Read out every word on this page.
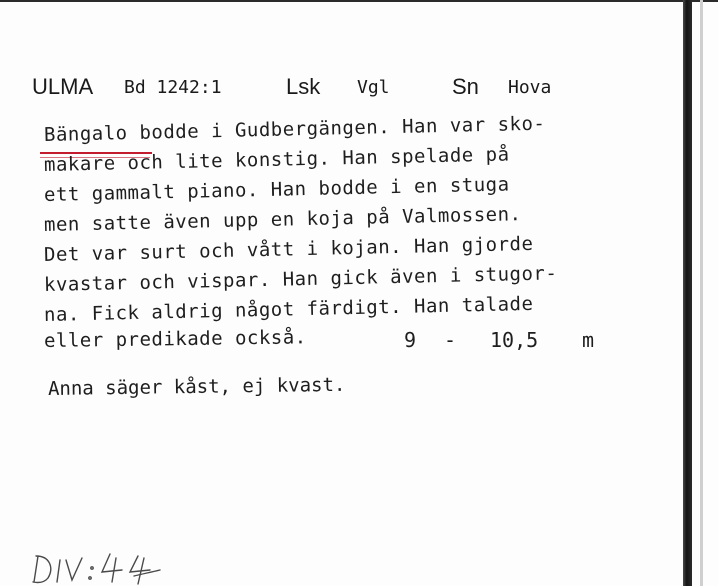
ULMA Bd 1242:1	Lsk Vgl	Sn Hova
Bängalo bodde i Gudbergängen. Han var sko-
makare och lite konstig. Han spelade på
ett gammalt piano. Han bodde i en stuga
men satte även upp en koja på Valmossen.
Det var surt och vått i kojan. Han gjorde
kvastar och vispar. Han gick även i stugor-
na. Fick aldrig något färdigt. Han talade
eller predikade också.	9 - 10,5 m
Anna säger kåst, ej kvast.
